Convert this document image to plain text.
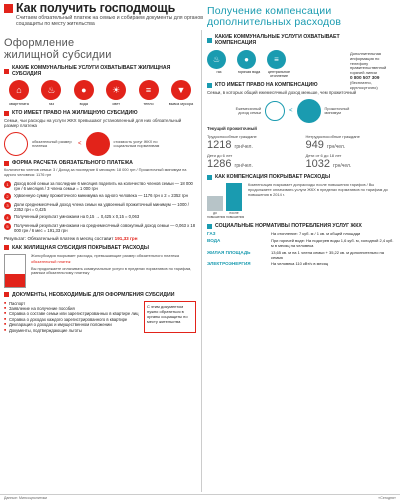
Как получить господмощь
Считаем обязательный платеж на семью и собираем документы для органов соцзащиты по месту жительства
Оформление
жилищной субсидии
КАКИЕ КОММУНАЛЬНЫЕ УСЛУГИ ОХВАТЫВАЕТ ЖИЛИЩНАЯ СУБСИДИЯ
⌂
квартплата
♨
газ
●
вода
☀
свет
≡
тепло
▼
вывоз мусора
КТО ИМЕЕТ ПРАВО НА ЖИЛИЩНУЮ СУБСИДИЮ
Семьи, чьи расходы на услуги ЖКХ превышают установленный для них обязательный размер платежа
обязательный размер платежа	<
стоимость услуг ЖКХ по социальным нормативам
ФОРМА РАСЧЕТА ОБЯЗАТЕЛЬНОГО ПЛАТЕЖА
Количество членов семьи: 3 / Доход за последние 6 месяцев: 18 000 грн / Прожиточный минимум на одного человека: 1176 грн
1	Доход всей семьи за последние 6 месяцев поделить на количество членов семьи — 18 000 грн / 6 месяцев / 3 члена семьи = 1 000 грн
2	Удвоенную сумму прожиточного минимума на одного человека — 1176 грн х 2 = 2352 грн
3	Доли среднемесячный доход члена семьи на удвоенный прожиточный минимум — 1000 / 2352 грн = 0,425
4	Полученный результат умножаем на 0,15 → 0,425 х 0,15 = 0,063
5	Полученный результат умножаем на среднемесячный совокупный доход семьи — 0,063 х 18 000 грн / 6 мес = 191,33 грн
Результат: Обязательный платеж в месяц составит 191,33 грн
КАК ЖИЛИЩНАЯ СУБСИДИЯ ПОКРЫВАЕТ РАСХОДЫ
Жилсубсидия покрывает расходы, превышающие размер обязательного платежа
обязательный платеж
Вы продолжаете оплачивать коммунальные услуги в пределах нормативов по тарифам, равным обязательному платежу
ДОКУМЕНТЫ, НЕОБХОДИМЫЕ ДЛЯ ОФОРМЛЕНИЯ СУБСИДИИ
■ Паспорт
■ Заявление на получение пособия
■ Справка о составе семьи или зарегистрированных в квартире лиц
■ Справка о доходах каждого зарегистрированного в квартире
■ Декларация о доходах и имущественном положении
■ Документы, подтверждающие льготы
С этим документом нужно обратиться в органы соцзащиты по месту жительства
Получение компенсации
дополнительных расходов
Дополнительная информация по телефону правительственной горячей линии
0 800 507 309
(бесплатно, круглосуточно)
КАКИЕ КОММУНАЛЬНЫЕ УСЛУГИ ОХВАТЫВАЕТ КОМПЕНСАЦИЯ
♨
газ
●
горячая вода
≡
центральное отопление
КТО ИМЕЕТ ПРАВО НА КОМПЕНСАЦИЮ
Семьи, в которых общий ежемесячный доход меньше, чем прожиточный
Ежемесячный доход семьи	<
Прожиточный минимум
Текущий прожиточный
Трудоспособные граждане
1218 грн/чел.
Нетрудоспособные граждане
949 грн/чел.
Дети до 6 лет
1286 грн/чел.
Дети от 6 до 18 лет
1032 грн/чел.
КАК КОМПЕНСАЦИЯ ПОКРЫВАЕТ РАСХОДЫ
до повышения
после повышения
Компенсация покрывает допрасходы после повышения тарифов / Вы продолжаете оплачивать услуги ЖКХ в пределах нормативов по тарифам до повышения в 2014 г.
СОЦИАЛЬНЫЕ НОРМАТИВЫ ПОТРЕБЛЕНИЯ УСЛУГ ЖКХ
ГАЗ	На отопление: 7 куб. м / 1 кв. м общей площади
ВОДА	При горячей воде: На подогрев воды 1,6 куб. м, холодной 2,4 куб. м в месяц на человека
ЖИЛАЯ ПЛОЩАДЬ	13,65 кв. м на 1 члена семьи + 35,22 кв. м дополнительно на семью
ЭЛЕКТРОЭНЕРГИЯ	На человека 110 кВт/ч в месяц
Данные: Минсоцполитики	«Сегодня»
